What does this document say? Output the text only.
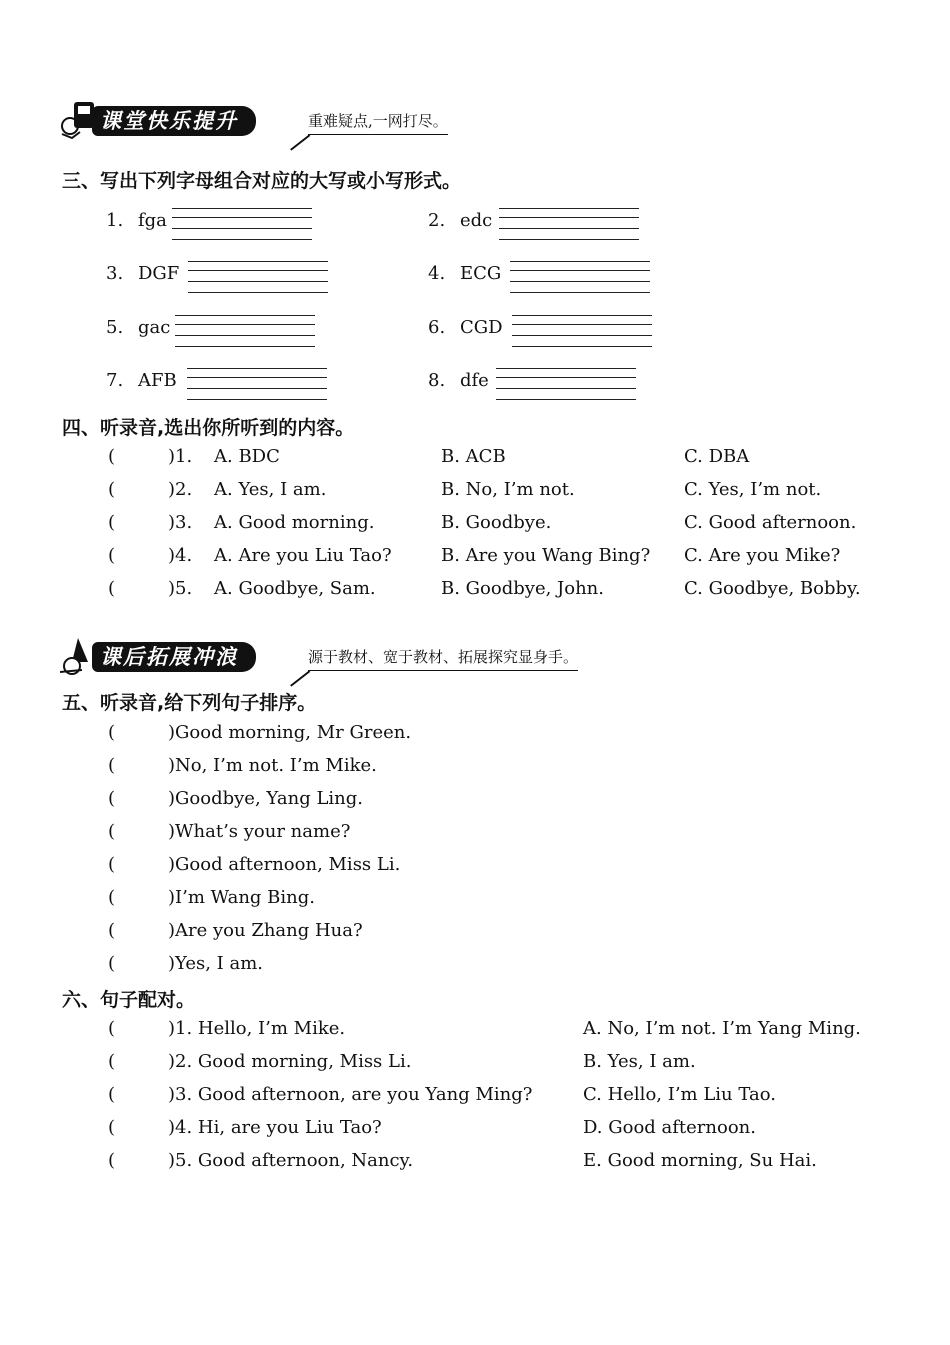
课堂快乐提升	重难疑点,一网打尽。
三、写出下列字母组合对应的大写或小写形式。
1. fga	2. edc
3. DGF	4. ECG
5. gac	6. CGD
7. AFB	8. dfe
四、听录音,选出你所听到的内容。
(	)1. A. BDC	B. ACB	C. DBA
(	)2. A. Yes, I am.	B. No, I’m not.	C. Yes, I’m not.
(	)3. A. Good morning.	B. Goodbye.	C. Good afternoon.
(	)4. A. Are you Liu Tao?	B. Are you Wang Bing? C. Are you Mike?
(	)5. A. Goodbye, Sam.	B. Goodbye, John.	C. Goodbye, Bobby.
课后拓展冲浪	源于教材、宽于教材、拓展探究显身手。
五、听录音,给下列句子排序。
(	)Good morning, Mr Green.
(	)No, I’m not. I’m Mike.
(	)Goodbye, Yang Ling.
(	)What’s your name?
(	)Good afternoon, Miss Li.
(	)I’m Wang Bing.
(	)Are you Zhang Hua?
(	)Yes, I am.
六、句子配对。
(	)1. Hello, I’m Mike.	A. No, I’m not. I’m Yang Ming.
(	)2. Good morning, Miss Li.	B. Yes, I am.
(	)3. Good afternoon, are you Yang Ming?	C. Hello, I’m Liu Tao.
(	)4. Hi, are you Liu Tao?	D. Good afternoon.
(	)5. Good afternoon, Nancy.	E. Good morning, Su Hai.
